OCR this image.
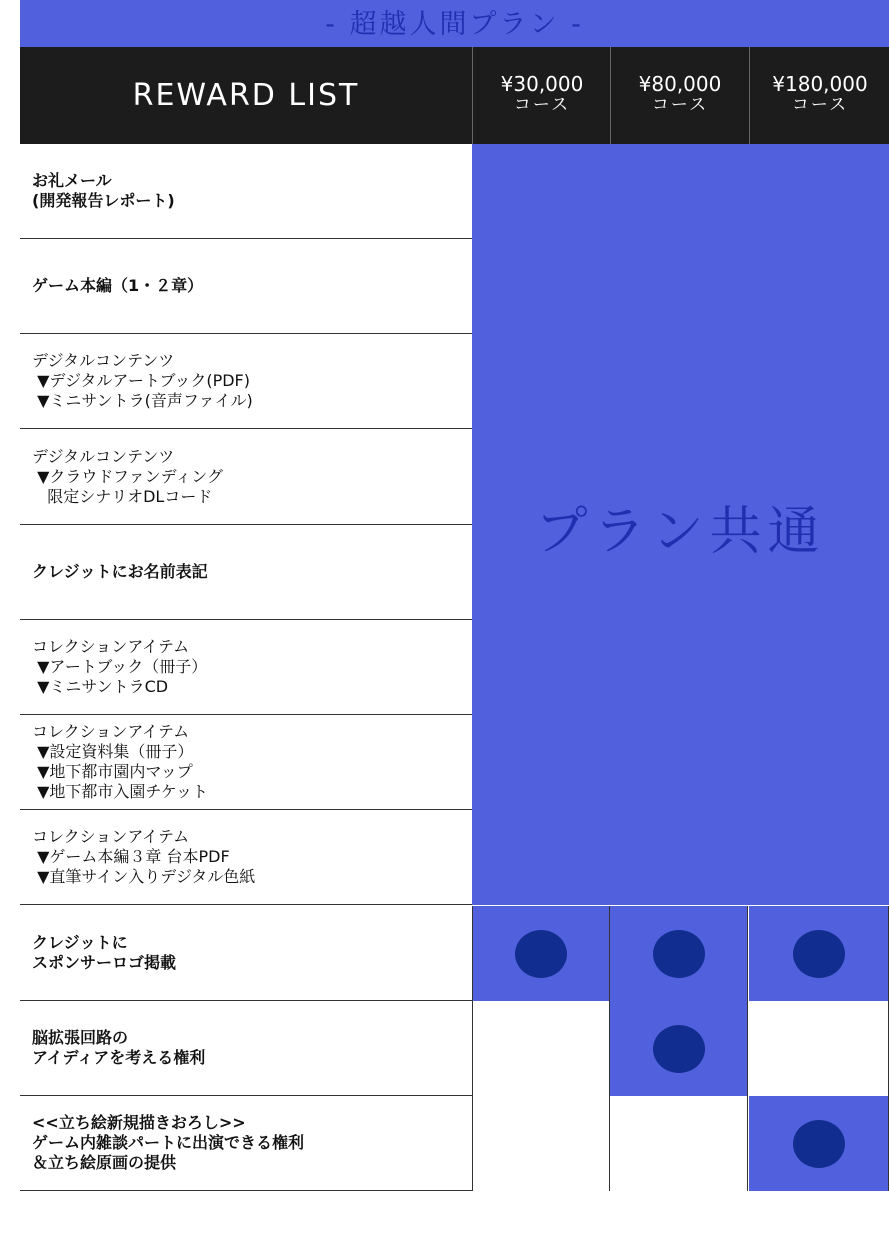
- 超越人間プラン -
REWARD LIST	¥30,000
コース
¥80,000
コース
¥180,000
コース
プラン共通
お礼メール
(開発報告レポート)
ゲーム本編（1・２章）
デジタルコンテンツ
▼デジタルアートブック(PDF)
▼ミニサントラ(音声ファイル)
デジタルコンテンツ
▼クラウドファンディング
限定シナリオDLコード
クレジットにお名前表記
コレクションアイテム
▼アートブック（冊子）
▼ミニサントラCD
コレクションアイテム
▼設定資料集（冊子）
▼地下都市園内マップ
▼地下都市入園チケット
コレクションアイテム
▼ゲーム本編３章 台本PDF
▼直筆サイン入りデジタル色紙
クレジットに
スポンサーロゴ掲載
脳拡張回路の
アイディアを考える権利
<<立ち絵新規描きおろし>>
ゲーム内雑談パートに出演できる権利
＆立ち絵原画の提供
